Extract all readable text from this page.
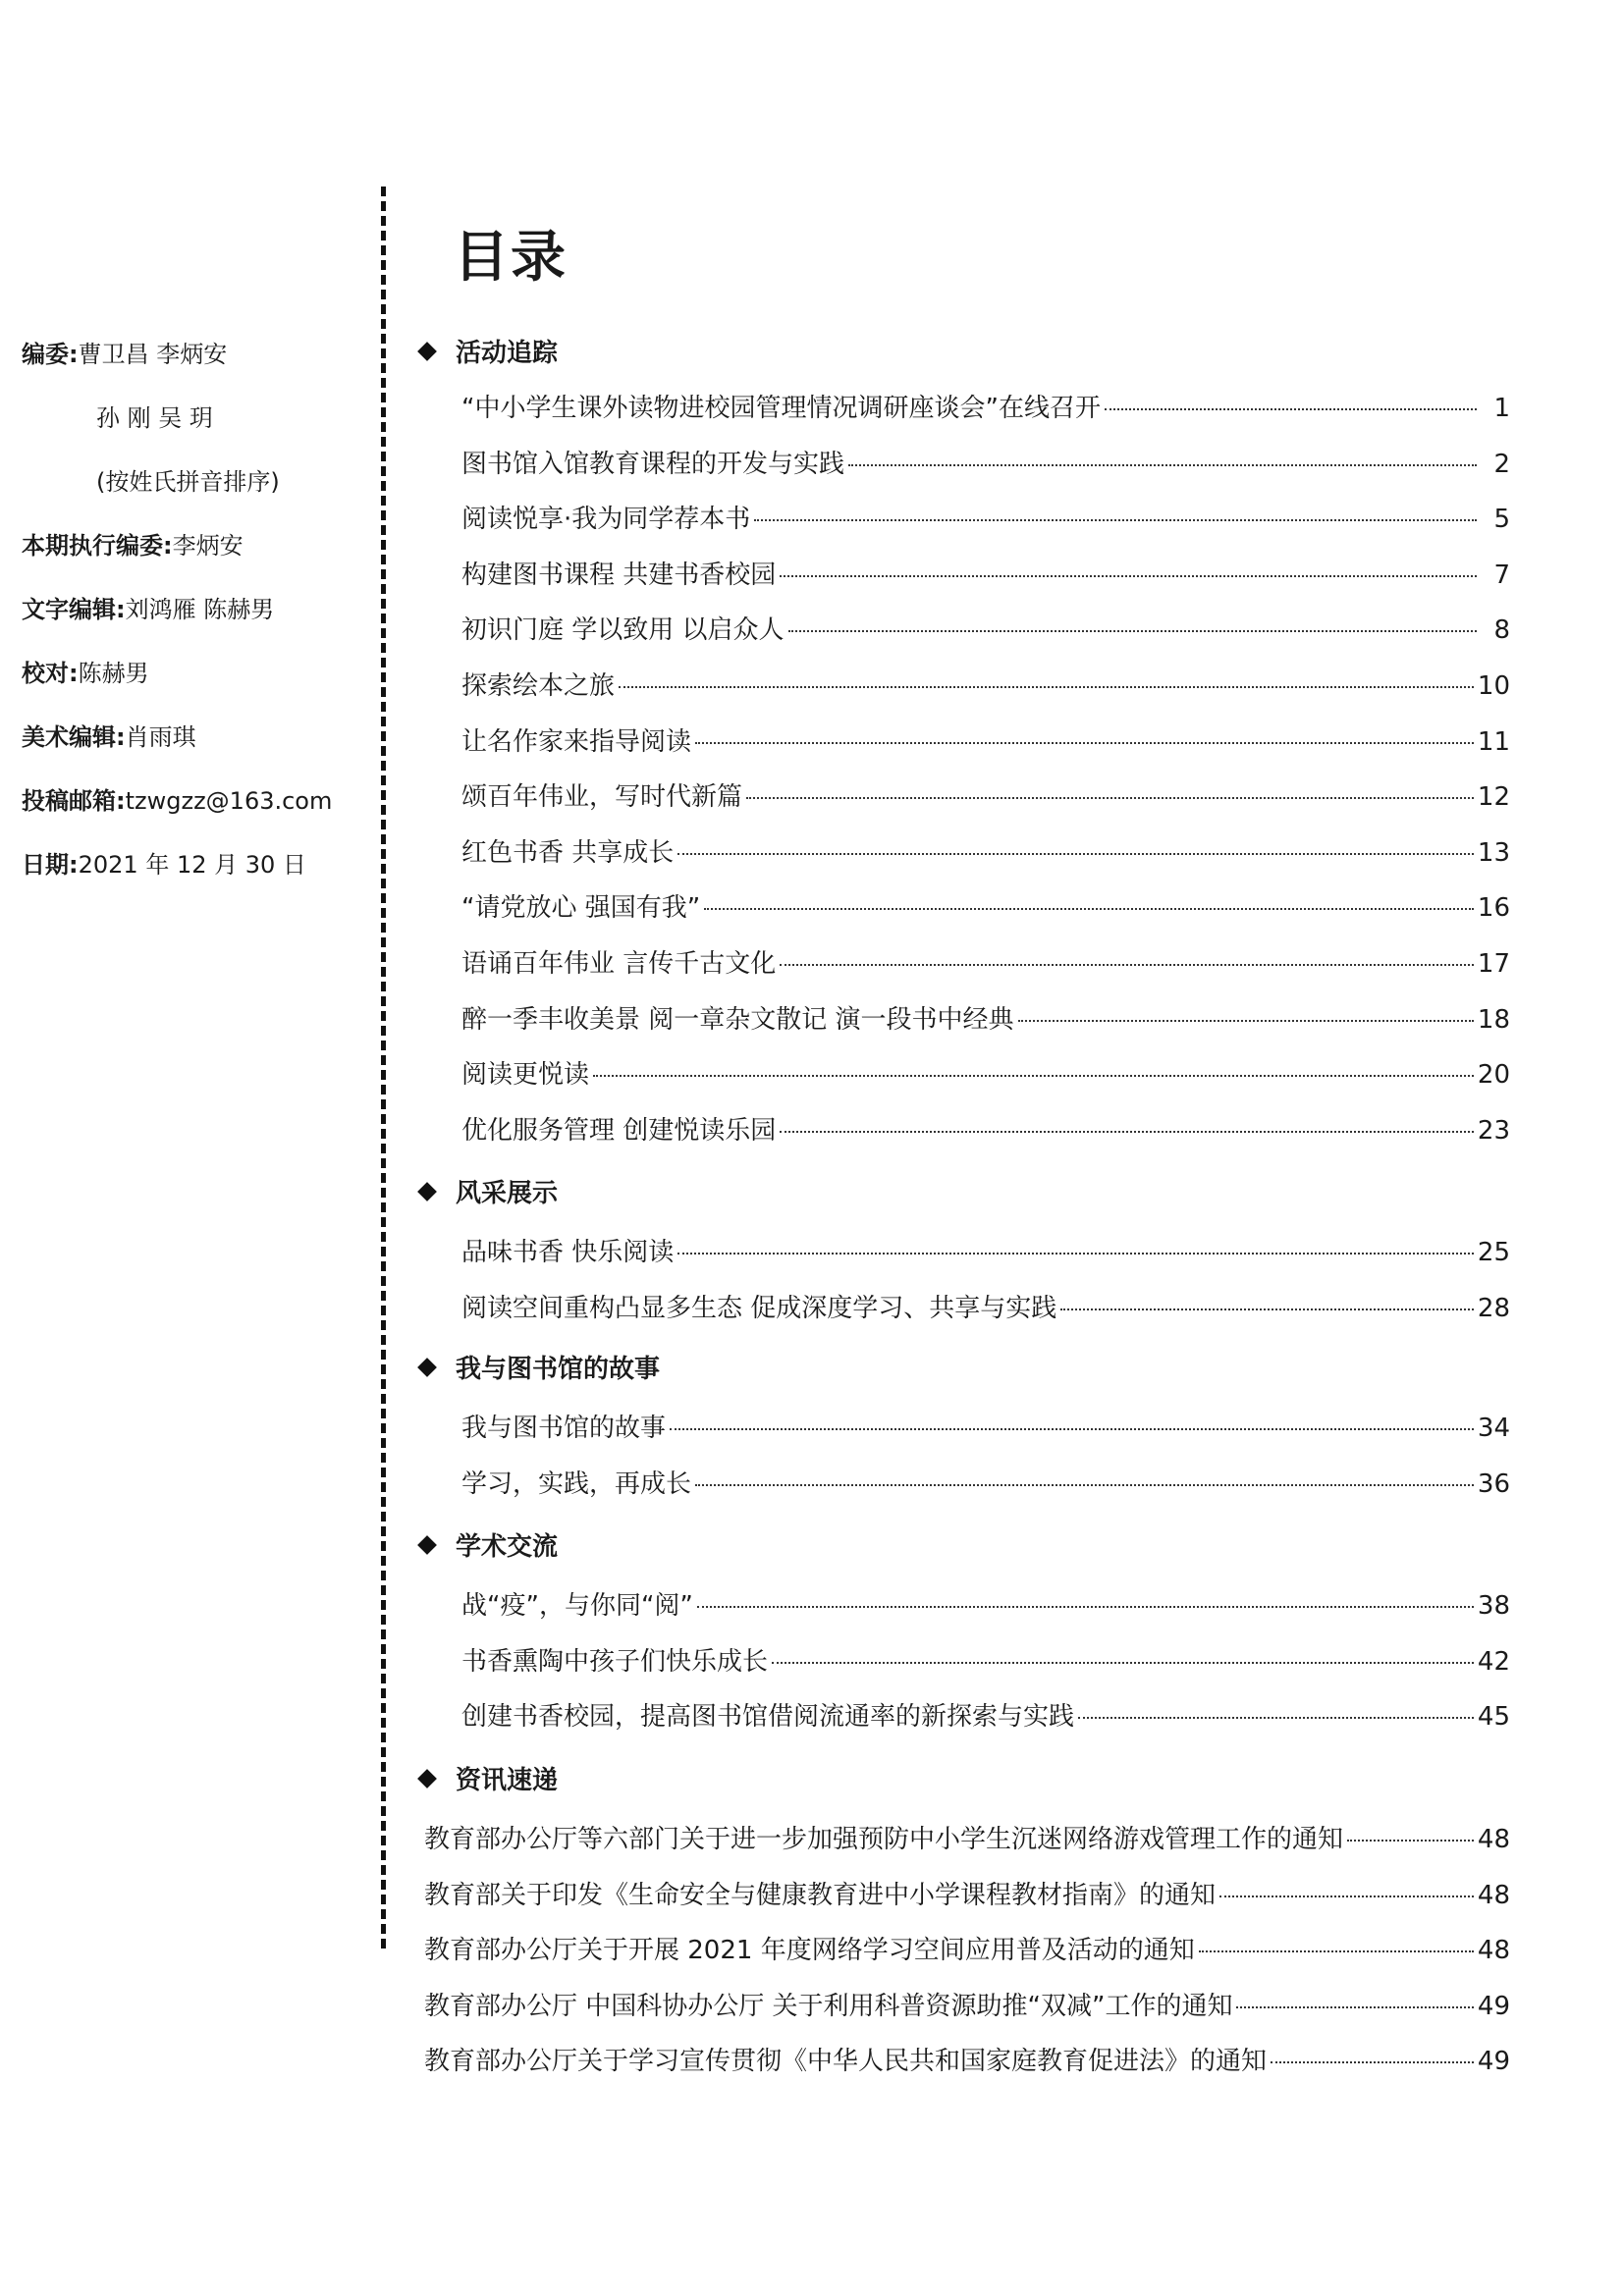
编委:曹卫昌 李炳安
孙 刚 吴 玥
(按姓氏拼音排序)
本期执行编委:李炳安
文字编辑:刘鸿雁 陈赫男
校对:陈赫男
美术编辑:肖雨琪
投稿邮箱:tzwgzz@163.com
日期:2021 年 12 月 30 日
目录
活动追踪
“中小学生课外读物进校园管理情况调研座谈会”在线召开	1
图书馆入馆教育课程的开发与实践	2
阅读悦享·我为同学荐本书	5
构建图书课程 共建书香校园	7
初识门庭 学以致用 以启众人	8
探索绘本之旅	10
让名作家来指导阅读	11
颂百年伟业，写时代新篇	12
红色书香 共享成长	13
“请党放心 强国有我”	16
语诵百年伟业 言传千古文化	17
醉一季丰收美景 阅一章杂文散记 演一段书中经典	18
阅读更悦读	20
优化服务管理 创建悦读乐园	23
风采展示
品味书香 快乐阅读	25
阅读空间重构凸显多生态 促成深度学习、共享与实践	28
我与图书馆的故事
我与图书馆的故事	34
学习，实践，再成长	36
学术交流
战“疫”，与你同“阅”	38
书香熏陶中孩子们快乐成长	42
创建书香校园，提高图书馆借阅流通率的新探索与实践	45
资讯速递
教育部办公厅等六部门关于进一步加强预防中小学生沉迷网络游戏管理工作的通知	48
教育部关于印发《生命安全与健康教育进中小学课程教材指南》的通知	48
教育部办公厅关于开展 2021 年度网络学习空间应用普及活动的通知	48
教育部办公厅 中国科协办公厅 关于利用科普资源助推“双减”工作的通知	49
教育部办公厅关于学习宣传贯彻《中华人民共和国家庭教育促进法》的通知	49
